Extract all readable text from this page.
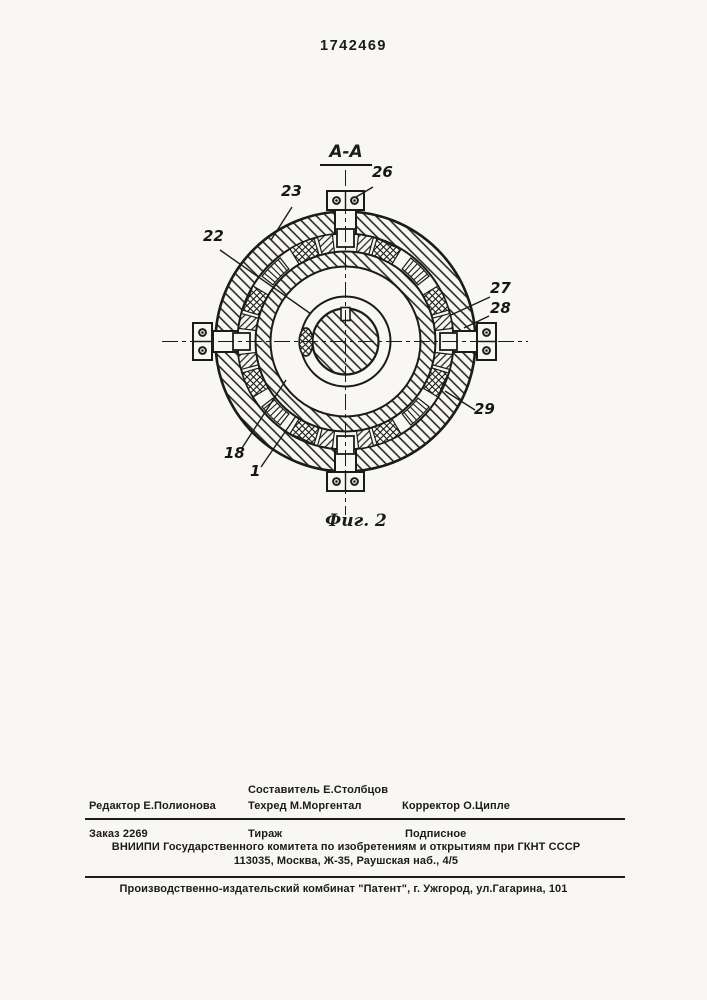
1742469
А-А
23
26
22
27
28
29
18
1
Фиг. 2
Составитель Е.Столбцов
Редактор Е.Полионова	Техред М.Моргентал	Корректор О.Ципле
Заказ 2269	Тираж	Подписное
ВНИИПИ Государственного комитета по изобретениям и открытиям при ГКНТ СССР
113035, Москва, Ж-35, Раушская наб., 4/5
Производственно-издательский комбинат "Патент", г. Ужгород, ул.Гагарина, 101
